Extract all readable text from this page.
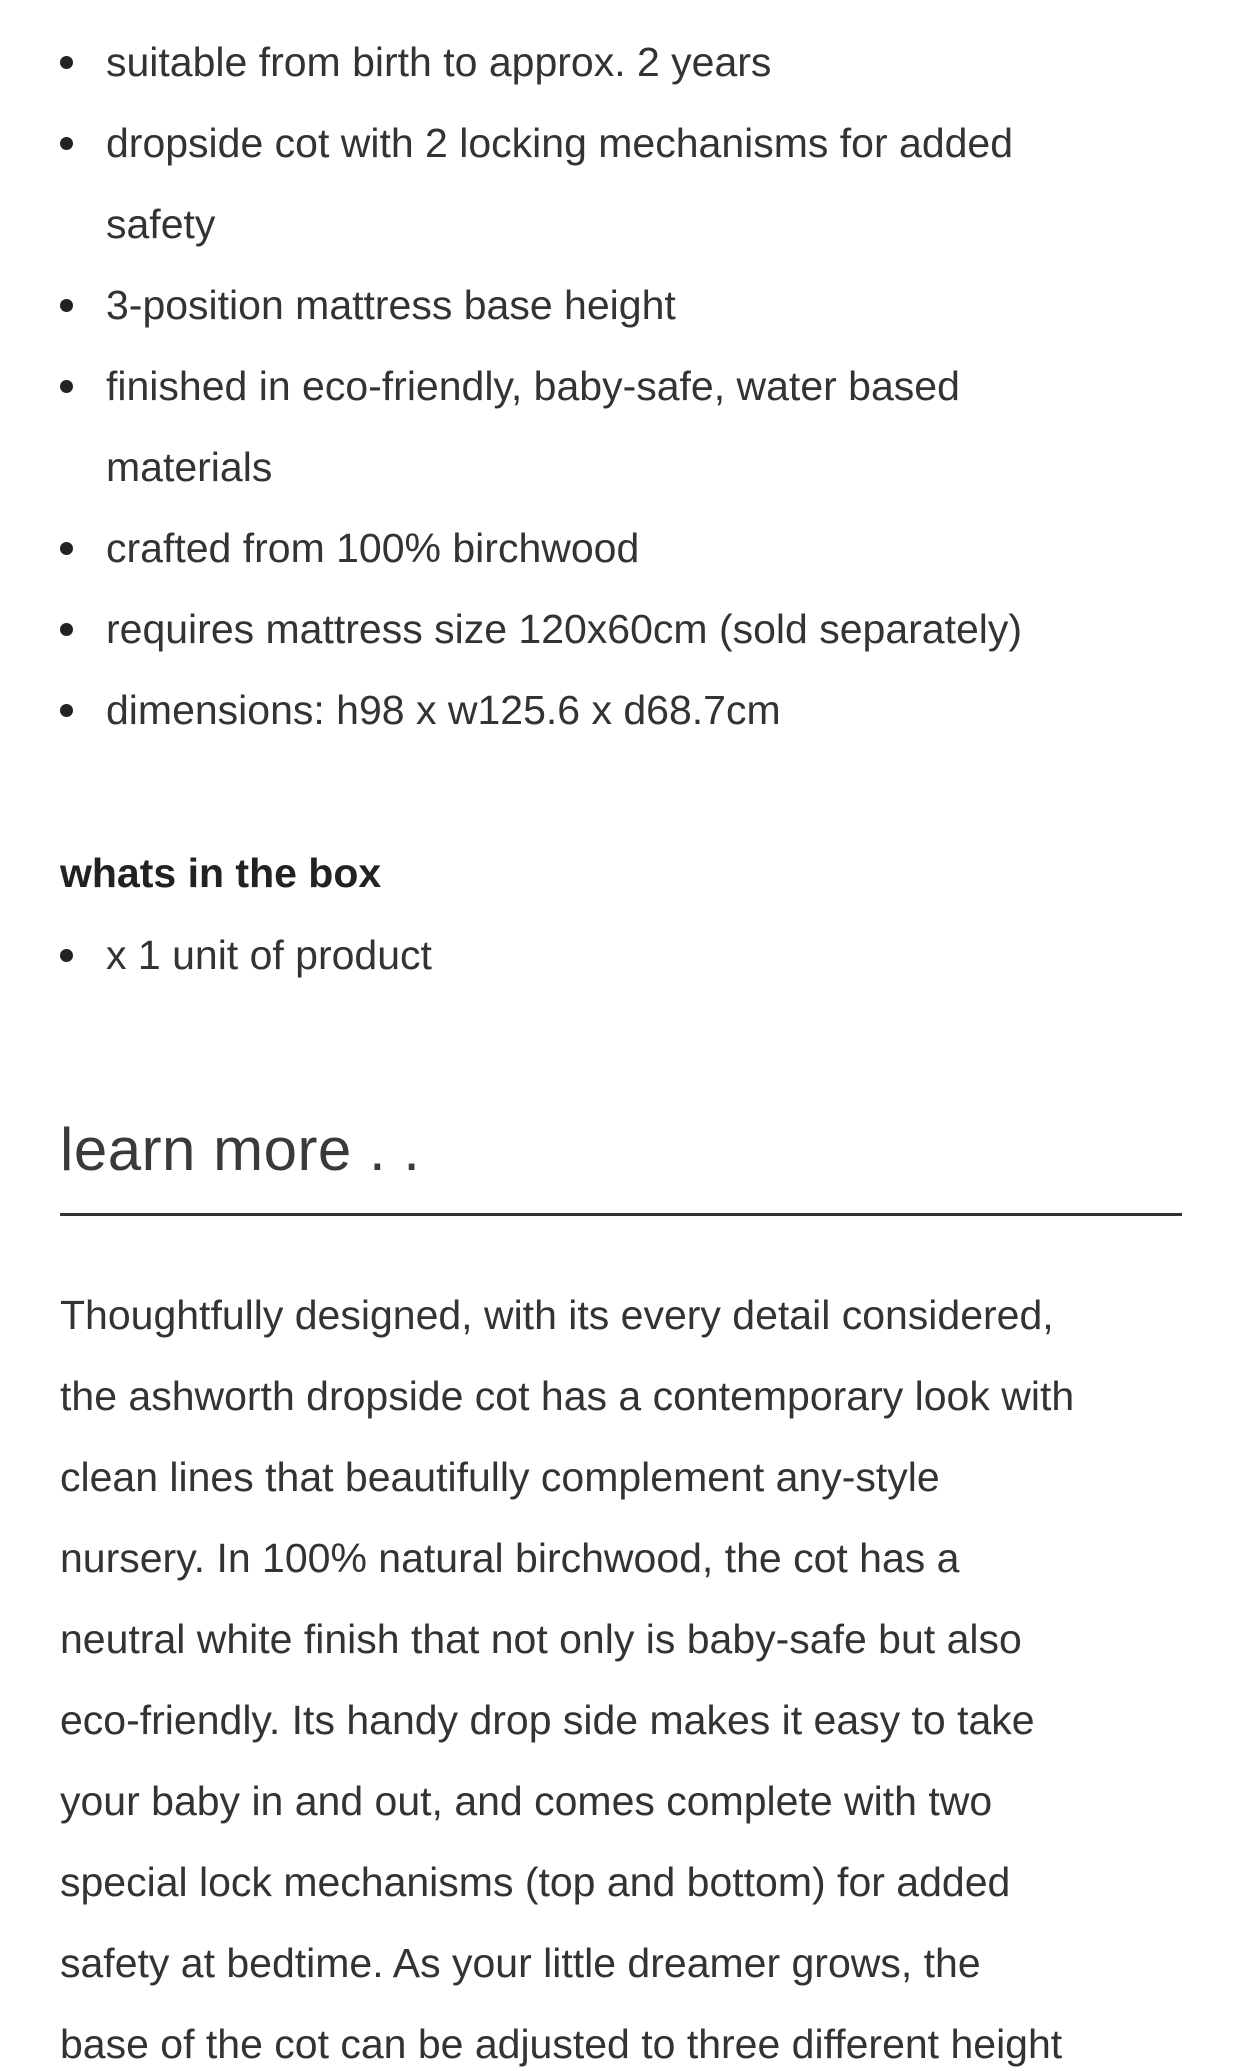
suitable from birth to approx. 2 years
dropside cot with 2 locking mechanisms for added
safety
3-position mattress base height
finished in eco-friendly, baby-safe, water based
materials
crafted from 100% birchwood
requires mattress size 120x60cm (sold separately)
dimensions: h98 x w125.6 x d68.7cm
whats in the box
x 1 unit of product
learn more . .
Thoughtfully designed, with its every detail considered,
the ashworth dropside cot has a contemporary look with
clean lines that beautifully complement any-style
nursery. In 100% natural birchwood, the cot has a
neutral white finish that not only is baby-safe but also
eco-friendly. Its handy drop side makes it easy to take
your baby in and out, and comes complete with two
special lock mechanisms (top and bottom) for added
safety at bedtime. As your little dreamer grows, the
base of the cot can be adjusted to three different height
